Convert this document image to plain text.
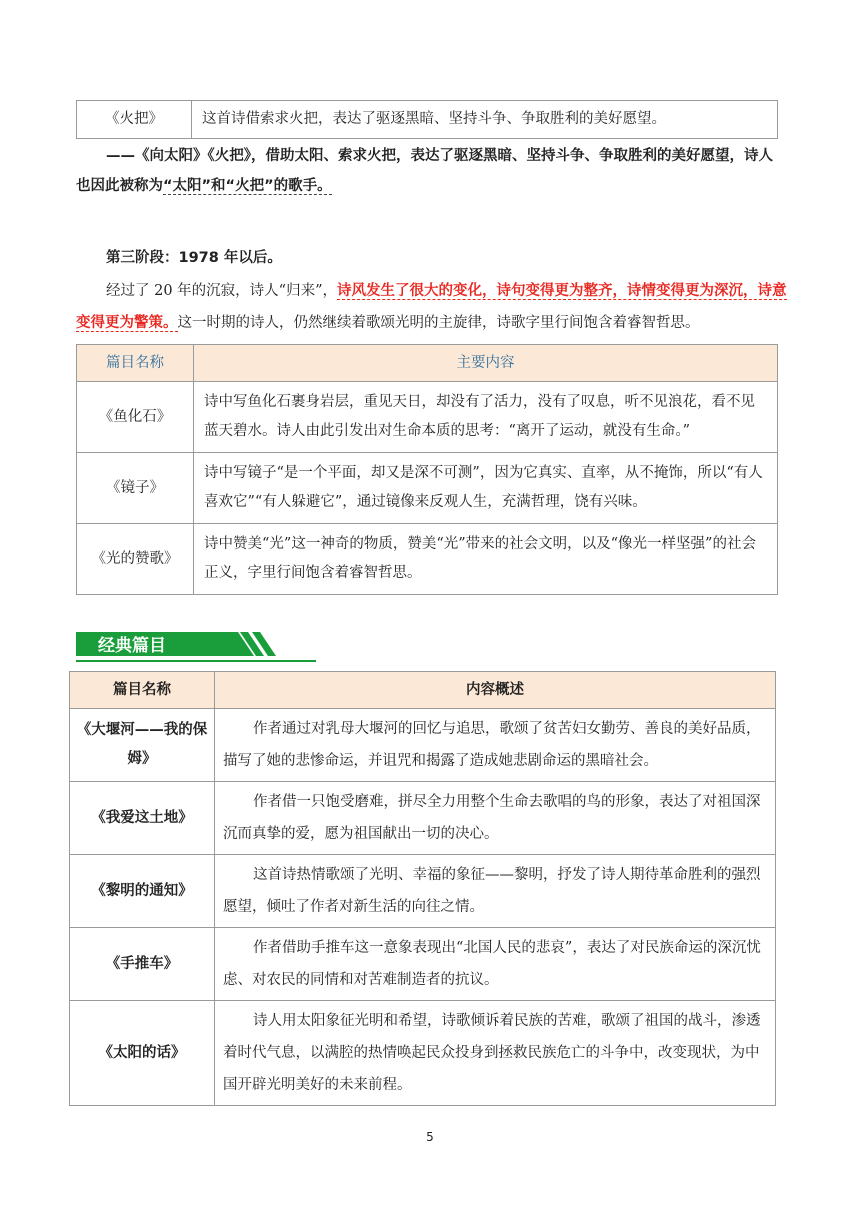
《火把》	这首诗借索求火把，表达了驱逐黑暗、坚持斗争、争取胜利的美好愿望。
——《向太阳》《火把》，借助太阳、索求火把，表达了驱逐黑暗、坚持斗争、争取胜利的美好愿望，诗人也因此被称为“太阳”和“火把”的歌手。
第三阶段：1978 年以后。
经过了 20 年的沉寂，诗人“归来”，诗风发生了很大的变化，诗句变得更为整齐，诗情变得更为深沉，诗意变得更为警策。这一时期的诗人，仍然继续着歌颂光明的主旋律，诗歌字里行间饱含着睿智哲思。
篇目名称	主要内容
《鱼化石》	诗中写鱼化石裹身岩层，重见天日，却没有了活力，没有了叹息，听不见浪花，看不见蓝天碧水。诗人由此引发出对生命本质的思考：“离开了运动，就没有生命。”
《镜子》	诗中写镜子“是一个平面，却又是深不可测”，因为它真实、直率，从不掩饰，所以“有人喜欢它”“有人躲避它”，通过镜像来反观人生，充满哲理，饶有兴味。
《光的赞歌》	诗中赞美“光”这一神奇的物质，赞美“光”带来的社会文明，以及“像光一样坚强”的社会正义，字里行间饱含着睿智哲思。
经典篇目
篇目名称	内容概述
《大堰河——我的保姆》	作者通过对乳母大堰河的回忆与追思，歌颂了贫苦妇女勤劳、善良的美好品质，描写了她的悲惨命运，并诅咒和揭露了造成她悲剧命运的黑暗社会。
《我爱这土地》	作者借一只饱受磨难，拼尽全力用整个生命去歌唱的鸟的形象，表达了对祖国深沉而真挚的爱，愿为祖国献出一切的决心。
《黎明的通知》	这首诗热情歌颂了光明、幸福的象征——黎明，抒发了诗人期待革命胜利的强烈愿望，倾吐了作者对新生活的向往之情。
《手推车》	作者借助手推车这一意象表现出“北国人民的悲哀”，表达了对民族命运的深沉忧虑、对农民的同情和对苦难制造者的抗议。
《太阳的话》	诗人用太阳象征光明和希望，诗歌倾诉着民族的苦难，歌颂了祖国的战斗，渗透着时代气息，以满腔的热情唤起民众投身到拯救民族危亡的斗争中，改变现状，为中国开辟光明美好的未来前程。
5
